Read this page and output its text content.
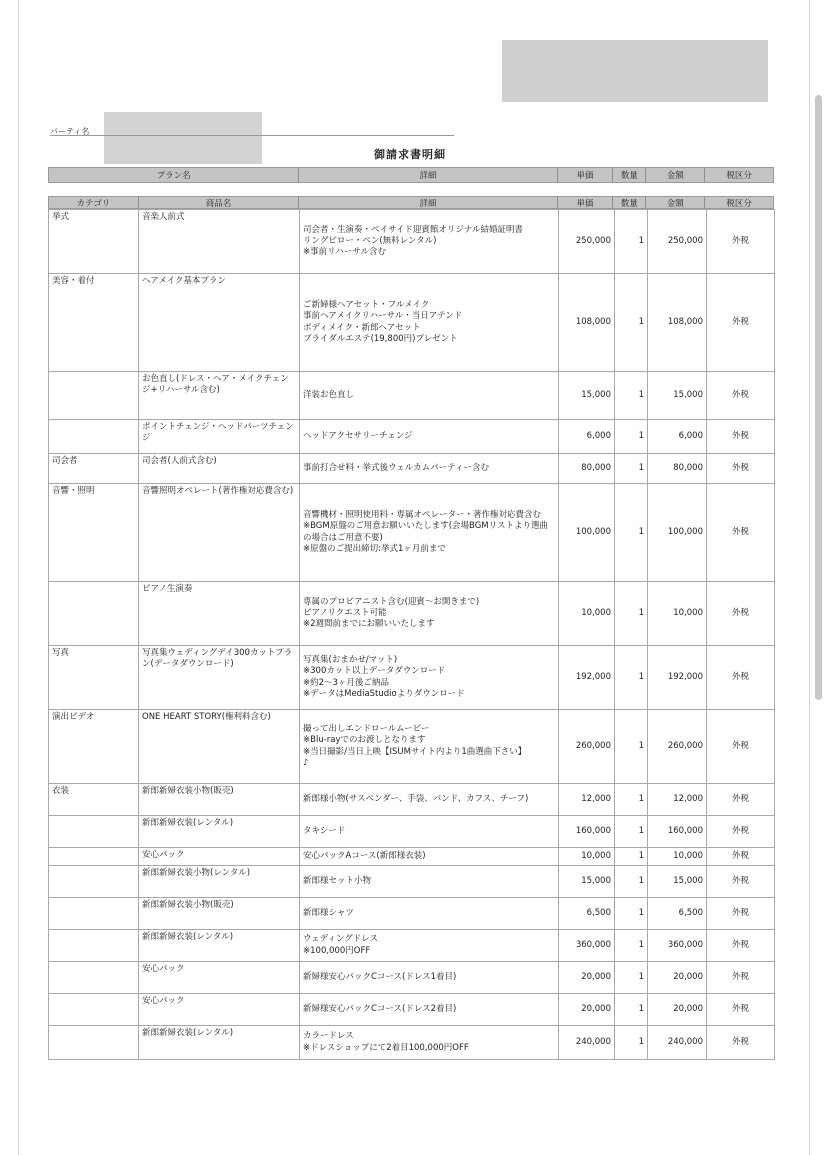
パーティ名
御請求書明細
プラン名	詳細	単価	数量	金額	税区分
カテゴリ	商品名	詳細	単価	数量	金額	税区分
挙式	音楽人前式	司会者・生演奏・ベイサイド迎賓館オリジナル結婚証明書
リングピロー・ペン(無料レンタル)
※事前リハーサル含む	250,000	1	250,000	外税

美容・着付	ヘアメイク基本プラン	ご新婦様ヘアセット・フルメイク
事前ヘアメイクリハーサル・当日アテンド
ボディメイク・新郎ヘアセット
ブライダルエステ(19,800円)プレゼント	108,000	1	108,000	外税

	お色直し(ドレス・ヘア・メイクチェンジ+リハーサル含む)	洋装お色直し	15,000	1	15,000	外税

	ポイントチェンジ・ヘッドパーツチェンジ	ヘッドアクセサリーチェンジ	6,000	1	6,000	外税

司会者	司会者(人前式含む)	事前打合せ料・挙式後ウェルカムパーティー含む	80,000	1	80,000	外税

音響・照明	音響照明オペレート(著作権対応費含む)	音響機材・照明使用料・専属オペレーター・著作権対応費含む
※BGM原盤のご用意お願いいたします(会場BGMリストより選曲の場合はご用意不要)
※原盤のご提出締切:挙式1ヶ月前まで	100,000	1	100,000	外税

	ピアノ生演奏	専属のプロピアニスト含む(迎賓〜お開きまで)
ピアノリクエスト可能
※2週間前までにお願いいたします	10,000	1	10,000	外税

写真	写真集ウェディングデイ300カットプラン(データダウンロード)	写真集(おまかせ/マット)
※300カット以上データダウンロード
※約2〜3ヶ月後ご納品
※データはMediaStudioよりダウンロード	192,000	1	192,000	外税

演出ビデオ	ONE HEART STORY(権利料含む)	撮って出しエンドロールムービー
※Blu-rayでのお渡しとなります
※当日撮影/当日上映【ISUMサイト内より1曲選曲下さい】
♪	260,000	1	260,000	外税

衣装	新郎新婦衣装小物(販売)	新郎様小物(サスペンダー、手袋、バンド、カフス、チーフ)	12,000	1	12,000	外税

	新郎新婦衣装(レンタル)	タキシード	160,000	1	160,000	外税

	安心パック	安心パックAコース(新郎様衣装)	10,000	1	10,000	外税

	新郎新婦衣装小物(レンタル)	新郎様セット小物	15,000	1	15,000	外税

	新郎新婦衣装小物(販売)	新郎様シャツ	6,500	1	6,500	外税

	新郎新婦衣装(レンタル)	ウェディングドレス
※100,000円OFF	360,000	1	360,000	外税

	安心パック	新婦様安心パックCコース(ドレス1着目)	20,000	1	20,000	外税

	安心パック	新婦様安心パックCコース(ドレス2着目)	20,000	1	20,000	外税

	新郎新婦衣装(レンタル)	カラードレス
※ドレスショップにて2着目100,000円OFF	240,000	1	240,000	外税
